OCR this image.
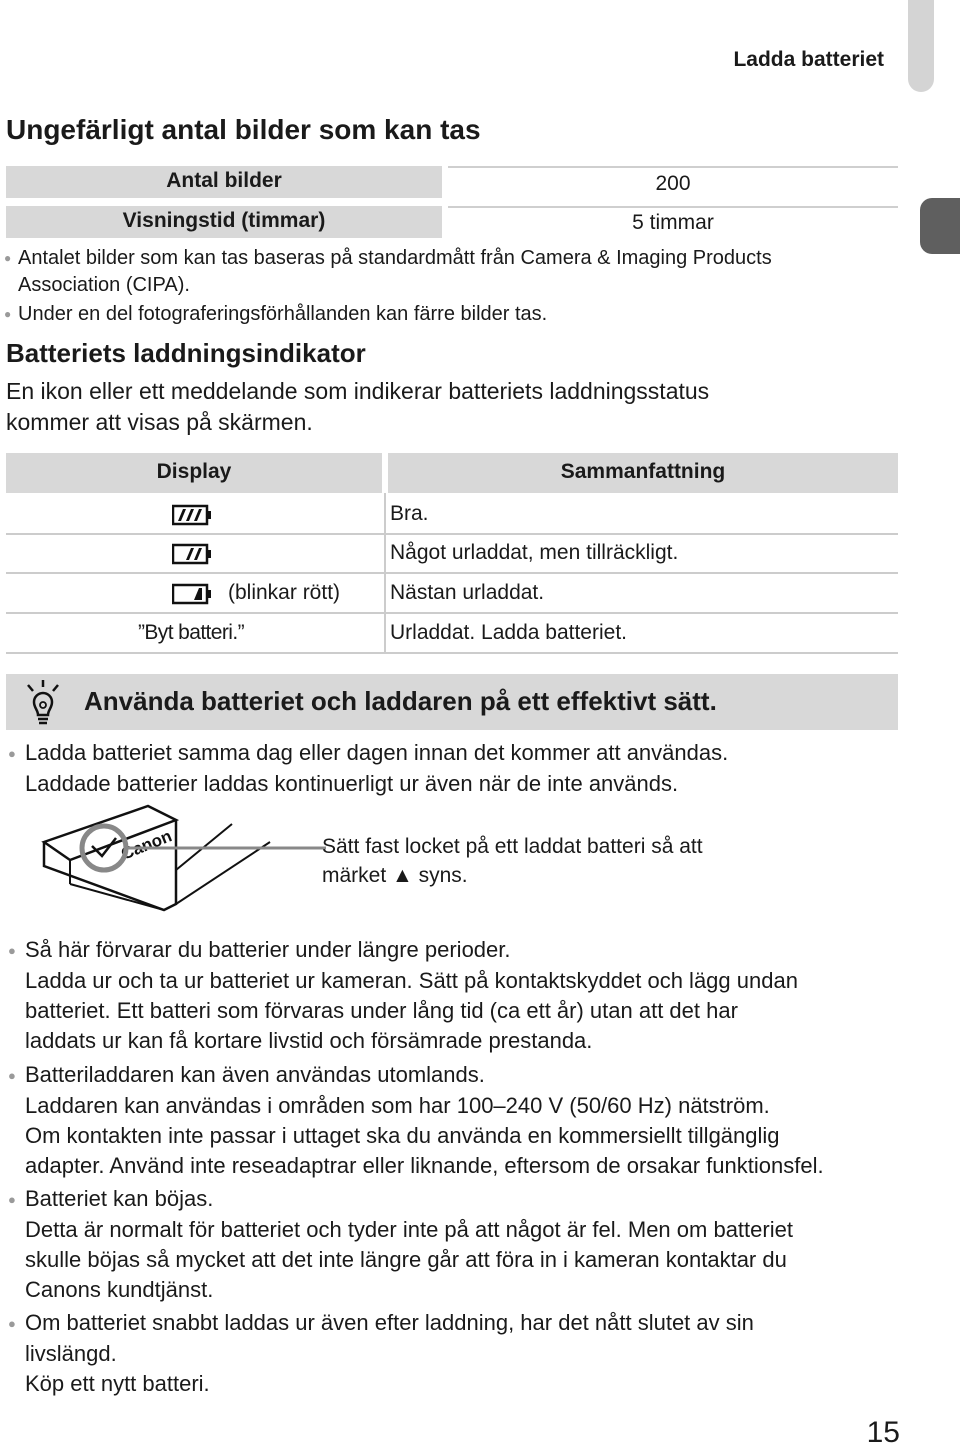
Ladda batteriet
Ungefärligt antal bilder som kan tas
Antal bilder	200
Visningstid (timmar)	5 timmar
● Antalet bilder som kan tas baseras på standardmått från Camera & Imaging Products
Association (CIPA).
● Under en del fotograferingsförhållanden kan färre bilder tas.
Batteriets laddningsindikator
En ikon eller ett meddelande som indikerar batteriets laddningsstatus
kommer att visas på skärmen.
Display	Sammanfattning
Bra.
Något urladdat, men tillräckligt.
(blinkar rött) Nästan urladdat.
”Byt batteri.”	Urladdat. Ladda batteriet.
Använda batteriet och laddaren på ett effektivt sätt.
● Ladda batteriet samma dag eller dagen innan det kommer att användas.
Laddade batterier laddas kontinuerligt ur även när de inte används.
Canon	Sätt fast locket på ett laddat batteri så att
märket ▲ syns.
● Så här förvarar du batterier under längre perioder.
Ladda ur och ta ur batteriet ur kameran. Sätt på kontaktskyddet och lägg undan
batteriet. Ett batteri som förvaras under lång tid (ca ett år) utan att det har
laddats ur kan få kortare livstid och försämrade prestanda.
● Batteriladdaren kan även användas utomlands.
Laddaren kan användas i områden som har 100–240 V (50/60 Hz) nätström.
Om kontakten inte passar i uttaget ska du använda en kommersiellt tillgänglig
adapter. Använd inte reseadaptrar eller liknande, eftersom de orsakar funktionsfel.
● Batteriet kan böjas.
Detta är normalt för batteriet och tyder inte på att något är fel. Men om batteriet
skulle böjas så mycket att det inte längre går att föra in i kameran kontaktar du
Canons kundtjänst.
● Om batteriet snabbt laddas ur även efter laddning, har det nått slutet av sin
livslängd.
Köp ett nytt batteri.
15
